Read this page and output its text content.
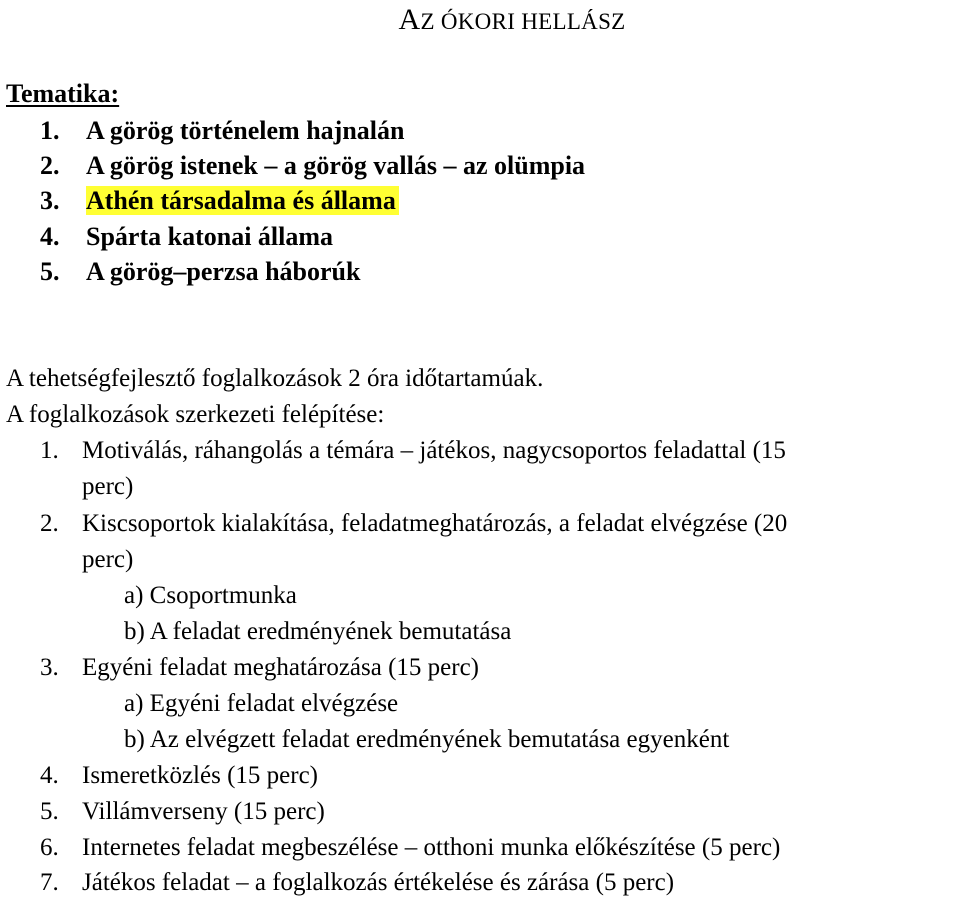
AZ ÓKORI HELLÁSZ
Tematika:
1. A görög történelem hajnalán
2. A görög istenek – a görög vallás – az olümpia
3. Athén társadalma és állama
4. Spárta katonai állama
5. A görög–perzsa háborúk
A tehetségfejlesztő foglalkozások 2 óra időtartamúak.
A foglalkozások szerkezeti felépítése:
1. Motiválás, ráhangolás a témára – játékos, nagycsoportos feladattal (15
perc)
2. Kiscsoportok kialakítása, feladatmeghatározás, a feladat elvégzése (20
perc)
a) Csoportmunka
b) A feladat eredményének bemutatása
3. Egyéni feladat meghatározása (15 perc)
a) Egyéni feladat elvégzése
b) Az elvégzett feladat eredményének bemutatása egyenként
4. Ismeretközlés (15 perc)
5. Villámverseny (15 perc)
6. Internetes feladat megbeszélése – otthoni munka előkészítése (5 perc)
7. Játékos feladat – a foglalkozás értékelése és zárása (5 perc)
